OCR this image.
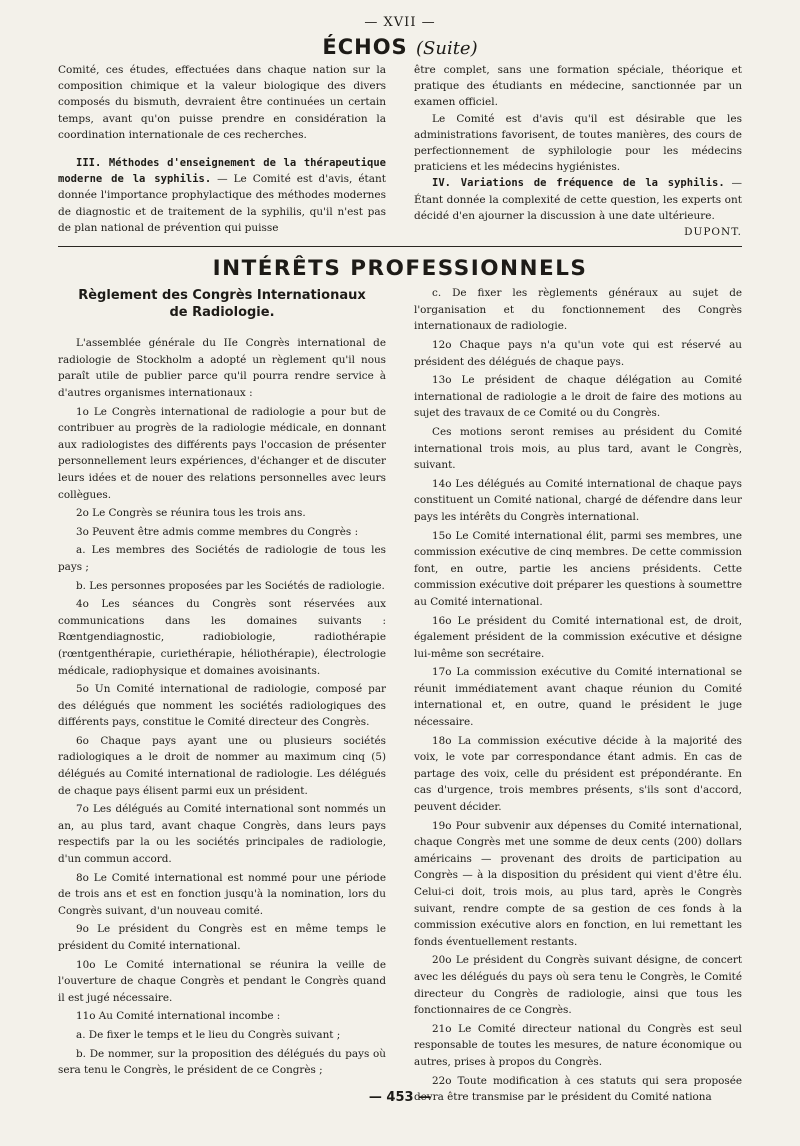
— XVII —
ÉCHOS (Suite)

Comité, ces études, effectuées dans chaque nation sur la composition chimique et la valeur biologique des divers composés du bismuth, devraient être continuées un certain temps, avant qu'on puisse prendre en considération la coordination internationale de ces recherches.

III. Méthodes d'enseignement de la thérapeutique moderne de la syphilis. — Le Comité est d'avis, étant donnée l'importance prophylactique des méthodes modernes de diagnostic et de traitement de la syphilis, qu'il n'est pas de plan national de prévention qui puisse

être complet, sans une formation spéciale, théorique et pratique des étudiants en médecine, sanctionnée par un examen officiel.

Le Comité est d'avis qu'il est désirable que les administrations favorisent, de toutes manières, des cours de perfectionnement de syphilologie pour les médecins praticiens et les médecins hygiénistes.

IV. Variations de fréquence de la syphilis. — Étant donnée la complexité de cette question, les experts ont décidé d'en ajourner la discussion à une date ultérieure.

DUPONT.
INTÉRÊTS PROFESSIONNELS
Règlement des Congrès Internationaux
de Radiologie.

L'assemblée générale du IIe Congrès international de radiologie de Stockholm a adopté un règlement qu'il nous paraît utile de publier parce qu'il pourra rendre service à d'autres organismes internationaux :

1o Le Congrès international de radiologie a pour but de contribuer au progrès de la radiologie médicale, en donnant aux radiologistes des différents pays l'occasion de présenter personnellement leurs expériences, d'échanger et de discuter leurs idées et de nouer des relations personnelles avec leurs collègues.

2o Le Congrès se réunira tous les trois ans.

3o Peuvent être admis comme membres du Congrès :

a. Les membres des Sociétés de radiologie de tous les pays ;

b. Les personnes proposées par les Sociétés de radiologie.

4o Les séances du Congrès sont réservées aux communications dans les domaines suivants : Rœntgendiagnostic, radiobiologie, radiothérapie (rœntgenthérapie, curiethérapie, héliothérapie), électrologie médicale, radiophysique et domaines avoisinants.

5o Un Comité international de radiologie, composé par des délégués que nomment les sociétés radiologiques des différents pays, constitue le Comité directeur des Congrès.

6o Chaque pays ayant une ou plusieurs sociétés radiologiques a le droit de nommer au maximum cinq (5) délégués au Comité international de radiologie. Les délégués de chaque pays élisent parmi eux un président.

7o Les délégués au Comité international sont nommés un an, au plus tard, avant chaque Congrès, dans leurs pays respectifs par la ou les sociétés principales de radiologie, d'un commun accord.

8o Le Comité international est nommé pour une période de trois ans et est en fonction jusqu'à la nomination, lors du Congrès suivant, d'un nouveau comité.

9o Le président du Congrès est en même temps le président du Comité international.

10o Le Comité international se réunira la veille de l'ouverture de chaque Congrès et pendant le Congrès quand il est jugé nécessaire.

11o Au Comité international incombe :

a. De fixer le temps et le lieu du Congrès suivant ;

b. De nommer, sur la proposition des délégués du pays où sera tenu le Congrès, le président de ce Congrès ;

c. De fixer les règlements généraux au sujet de l'organisation et du fonctionnement des Congrès internationaux de radiologie.

12o Chaque pays n'a qu'un vote qui est réservé au président des délégués de chaque pays.

13o Le président de chaque délégation au Comité international de radiologie a le droit de faire des motions au sujet des travaux de ce Comité ou du Congrès.

Ces motions seront remises au président du Comité international trois mois, au plus tard, avant le Congrès, suivant.

14o Les délégués au Comité international de chaque pays constituent un Comité national, chargé de défendre dans leur pays les intérêts du Congrès international.

15o Le Comité international élit, parmi ses membres, une commission exécutive de cinq membres. De cette commission font, en outre, partie les anciens présidents. Cette commission exécutive doit préparer les questions à soumettre au Comité international.

16o Le président du Comité international est, de droit, également président de la commission exécutive et désigne lui-même son secrétaire.

17o La commission exécutive du Comité international se réunit immédiatement avant chaque réunion du Comité international et, en outre, quand le président le juge nécessaire.

18o La commission exécutive décide à la majorité des voix, le vote par correspondance étant admis. En cas de partage des voix, celle du président est prépondérante. En cas d'urgence, trois membres présents, s'ils sont d'accord, peuvent décider.

19o Pour subvenir aux dépenses du Comité international, chaque Congrès met une somme de deux cents (200) dollars américains — provenant des droits de participation au Congrès — à la disposition du président qui vient d'être élu. Celui-ci doit, trois mois, au plus tard, après le Congrès suivant, rendre compte de sa gestion de ces fonds à la commission exécutive alors en fonction, en lui remettant les fonds éventuellement restants.

20o Le président du Congrès suivant désigne, de concert avec les délégués du pays où sera tenu le Congrès, le Comité directeur du Congrès de radiologie, ainsi que tous les fonctionnaires de ce Congrès.

21o Le Comité directeur national du Congrès est seul responsable de toutes les mesures, de nature économique ou autres, prises à propos du Congrès.

22o Toute modification à ces statuts qui sera proposée devra être transmise par le président du Comité nationa

— 453 —
